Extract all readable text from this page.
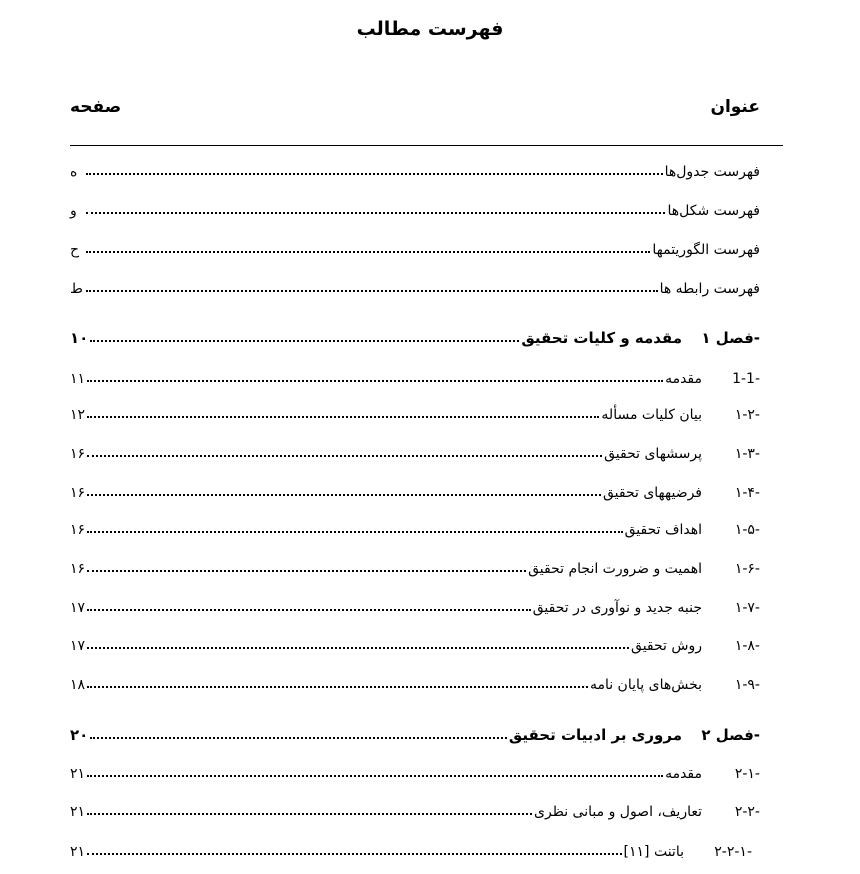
فهرست مطالب
عنوان
صفحه
فهرست جدول‌ها
ه
فهرست شکل‌ها
و
فهرست الگوریتمها
ح
فهرست رابطه ها
ط
فصل ۱-
مقدمه و کلیات تحقیق
۱۰
1-1-
مقدمه
۱۱
۱-۲-
بیان کلیات مسأله
۱۲
۱-۳-
پرسشهای تحقیق
۱۶
۱-۴-
فرضیههای تحقیق
۱۶
۱-۵-
اهداف تحقیق
۱۶
۱-۶-
اهمیت و ضرورت انجام تحقیق
۱۶
۱-۷-
جنبه جدید و نوآوری در تحقیق
۱۷
۱-۸-
روش تحقیق
۱۷
۱-۹-
بخش‌های پایان نامه
۱۸
فصل ۲-
مروری بر ادبیات تحقیق
۲۰
۲-۱-
مقدمه
۲۱
۲-۲-
تعاریف، اصول و مبانی نظری
۲۱
۲-۲-۱-
باتنت [۱۱]
۲۱
